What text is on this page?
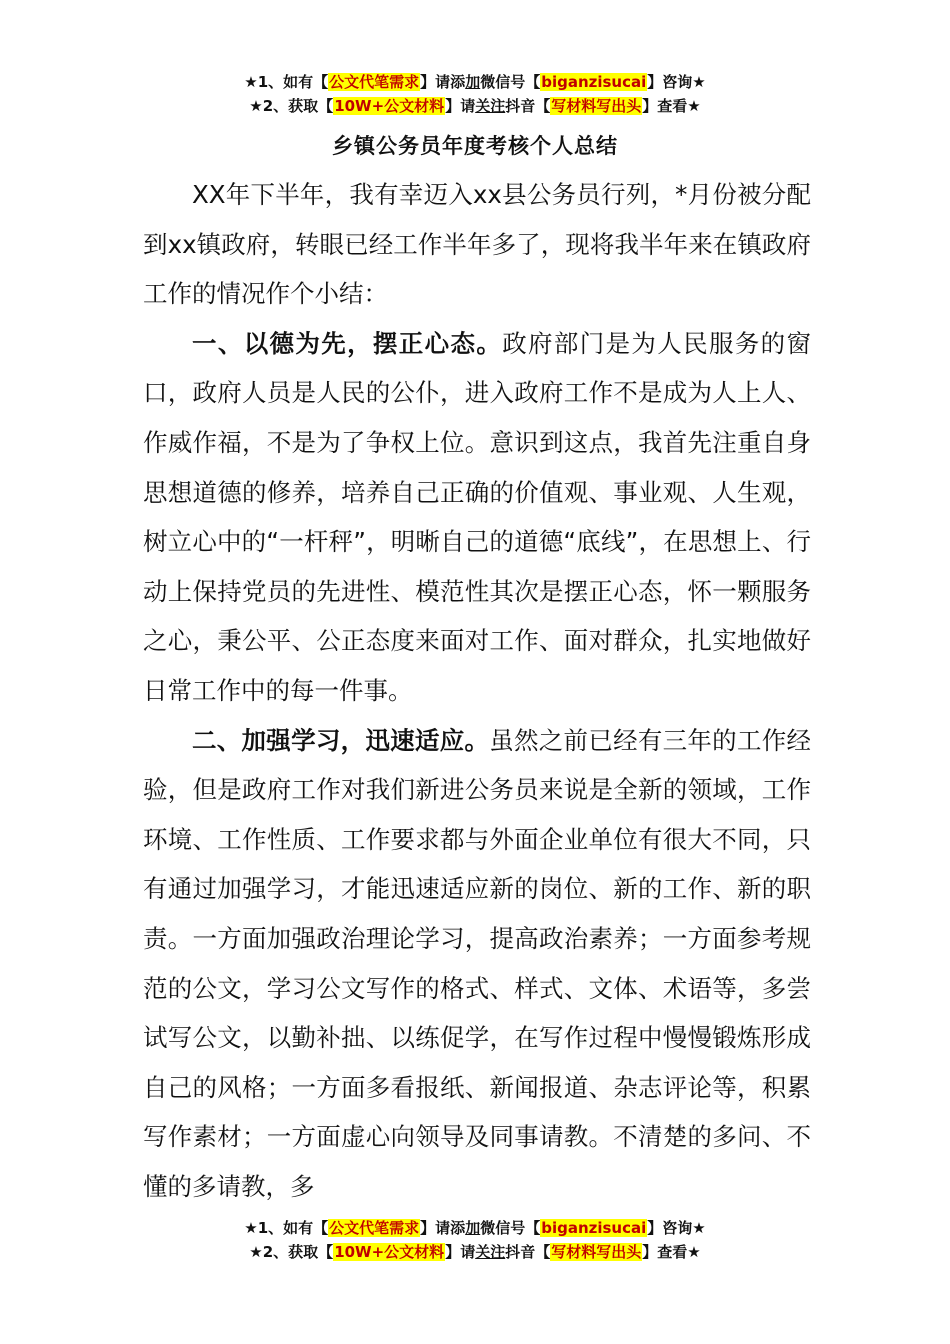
★1、如有【公文代笔需求】请添加微信号【biganzisucai】咨询★
★2、获取【10W+公文材料】请关注抖音【写材料写出头】查看★
乡镇公务员年度考核个人总结

XX年下半年，我有幸迈入xx县公务员行列，*月份被分配到xx镇政府，转眼已经工作半年多了，现将我半年来在镇政府工作的情况作个小结：

一、以德为先，摆正心态。政府部门是为人民服务的窗口，政府人员是人民的公仆，进入政府工作不是成为人上人、作威作福，不是为了争权上位。意识到这点，我首先注重自身思想道德的修养，培养自己正确的价值观、事业观、人生观，树立心中的“一杆秤”，明晰自己的道德“底线”，在思想上、行动上保持党员的先进性、模范性其次是摆正心态，怀一颗服务之心，秉公平、公正态度来面对工作、面对群众，扎实地做好日常工作中的每一件事。

二、加强学习，迅速适应。虽然之前已经有三年的工作经验，但是政府工作对我们新进公务员来说是全新的领域，工作环境、工作性质、工作要求都与外面企业单位有很大不同，只有通过加强学习，才能迅速适应新的岗位、新的工作、新的职责。一方面加强政治理论学习，提高政治素养；一方面参考规范的公文，学习公文写作的格式、样式、文体、术语等，多尝试写公文，以勤补拙、以练促学，在写作过程中慢慢锻炼形成自己的风格；一方面多看报纸、新闻报道、杂志评论等，积累写作素材；一方面虚心向领导及同事请教。不清楚的多问、不懂的多请教，多

★1、如有【公文代笔需求】请添加微信号【biganzisucai】咨询★
★2、获取【10W+公文材料】请关注抖音【写材料写出头】查看★
